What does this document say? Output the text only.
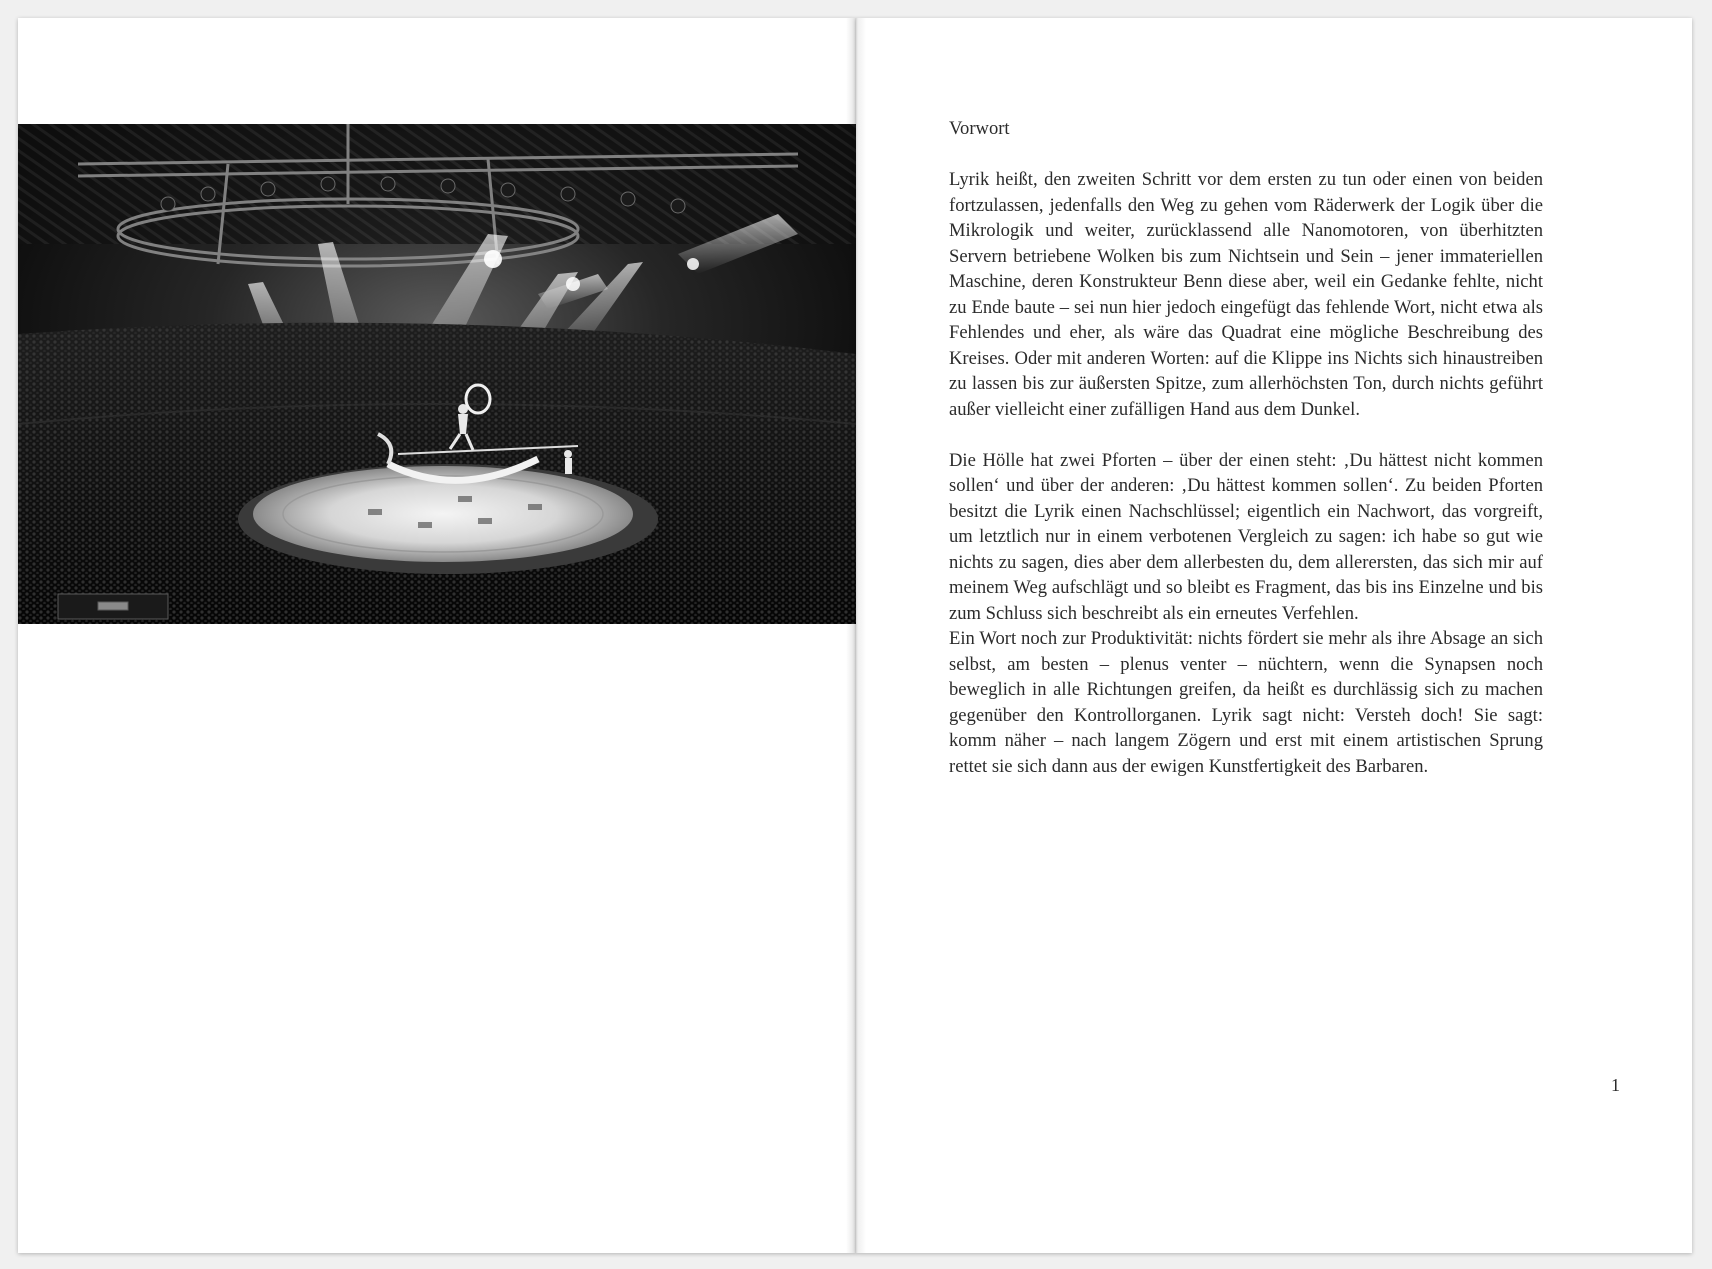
Vorwort

Lyrik heißt, den zweiten Schritt vor dem ersten zu tun oder einen von beiden fortzulassen, jedenfalls den Weg zu gehen vom Räderwerk der Logik über die Mikrologik und weiter, zurücklassend alle Nanomotoren, von überhitzten Servern betriebene Wolken bis zum Nichtsein und Sein – jener immateriellen Maschine, deren Konstrukteur Benn diese aber, weil ein Gedanke fehlte, nicht zu Ende baute – sei nun hier jedoch eingefügt das fehlende Wort, nicht etwa als Fehlendes und eher, als wäre das Quadrat eine mögliche Beschreibung des Kreises. Oder mit anderen Worten: auf die Klippe ins Nichts sich hinaustreiben zu lassen bis zur äußersten Spitze, zum allerhöchsten Ton, durch nichts geführt außer vielleicht einer zufälligen Hand aus dem Dunkel.

Die Hölle hat zwei Pforten – über der einen steht: ‚Du hättest nicht kommen sollen‘ und über der anderen: ‚Du hättest kommen sollen‘. Zu beiden Pforten besitzt die Lyrik einen Nachschlüssel; eigentlich ein Nachwort, das vorgreift, um letztlich nur in einem verbotenen Vergleich zu sagen: ich habe so gut wie nichts zu sagen, dies aber dem allerbesten du, dem allerersten, das sich mir auf meinem Weg aufschlägt und so bleibt es Fragment, das bis ins Einzelne und bis zum Schluss sich beschreibt als ein erneutes Verfehlen.

Ein Wort noch zur Produktivität: nichts fördert sie mehr als ihre Absage an sich selbst, am besten – plenus venter – nüchtern, wenn die Synapsen noch beweglich in alle Richtungen greifen, da heißt es durchlässig sich zu machen gegenüber den Kontrollorganen. Lyrik sagt nicht: Versteh doch! Sie sagt: komm näher – nach langem Zögern und erst mit einem artistischen Sprung rettet sie sich dann aus der ewigen Kunstfertigkeit des Barbaren.

1
